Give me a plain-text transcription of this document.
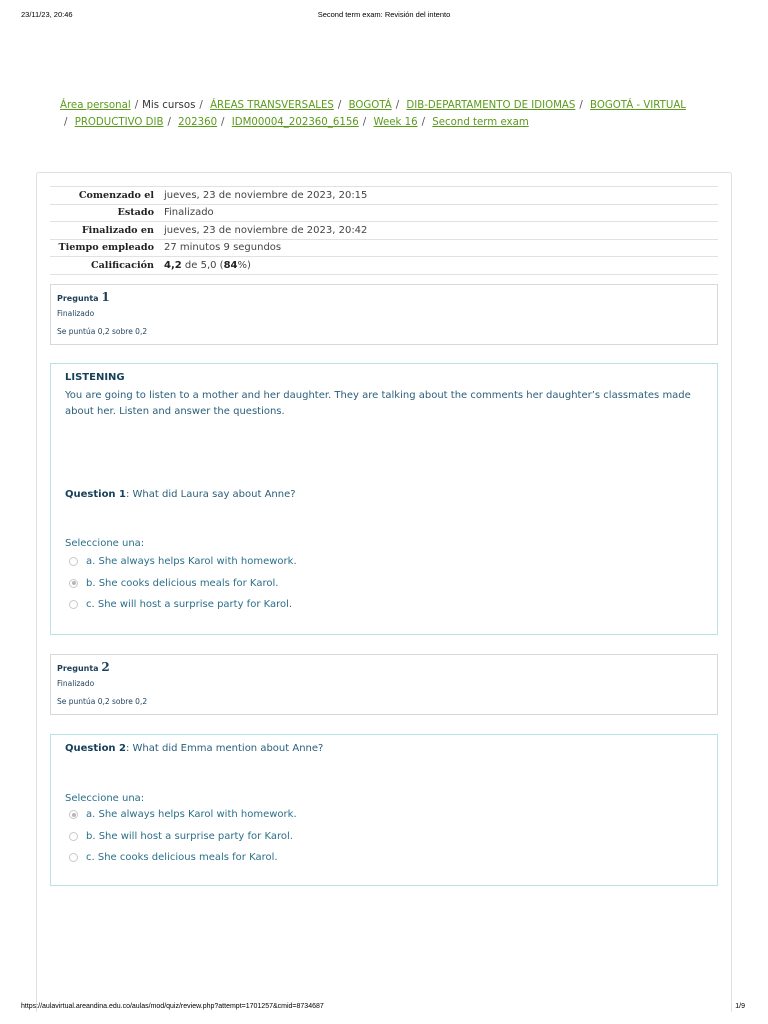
23/11/23, 20:46	Second term exam: Revisión del intento
Área personal / Mis cursos / ÁREAS TRANSVERSALES / BOGOTÁ / DIB-DEPARTAMENTO DE IDIOMAS / BOGOTÁ - VIRTUAL
/ PRODUCTIVO DIB / 202360 / IDM00004_202360_6156 / Week 16 / Second term exam
Comenzado el	jueves, 23 de noviembre de 2023, 20:15
Estado	Finalizado
Finalizado en	jueves, 23 de noviembre de 2023, 20:42
Tiempo empleado	27 minutos 9 segundos
Calificación	4,2 de 5,0 (84%)
Pregunta 1
Finalizado
Se puntúa 0,2 sobre 0,2
LISTENING
You are going to listen to a mother and her daughter. They are talking about the comments her daughter’s classmates made about her. Listen and answer the questions.
Question 1: What did Laura say about Anne?
Seleccione una:
a. She always helps Karol with homework.
b. She cooks delicious meals for Karol.
c. She will host a surprise party for Karol.
Pregunta 2
Finalizado
Se puntúa 0,2 sobre 0,2
Question 2: What did Emma mention about Anne?
Seleccione una:
a. She always helps Karol with homework.
b. She will host a surprise party for Karol.
c. She cooks delicious meals for Karol.
https://aulavirtual.areandina.edu.co/aulas/mod/quiz/review.php?attempt=1701257&cmid=8734687	1/9
